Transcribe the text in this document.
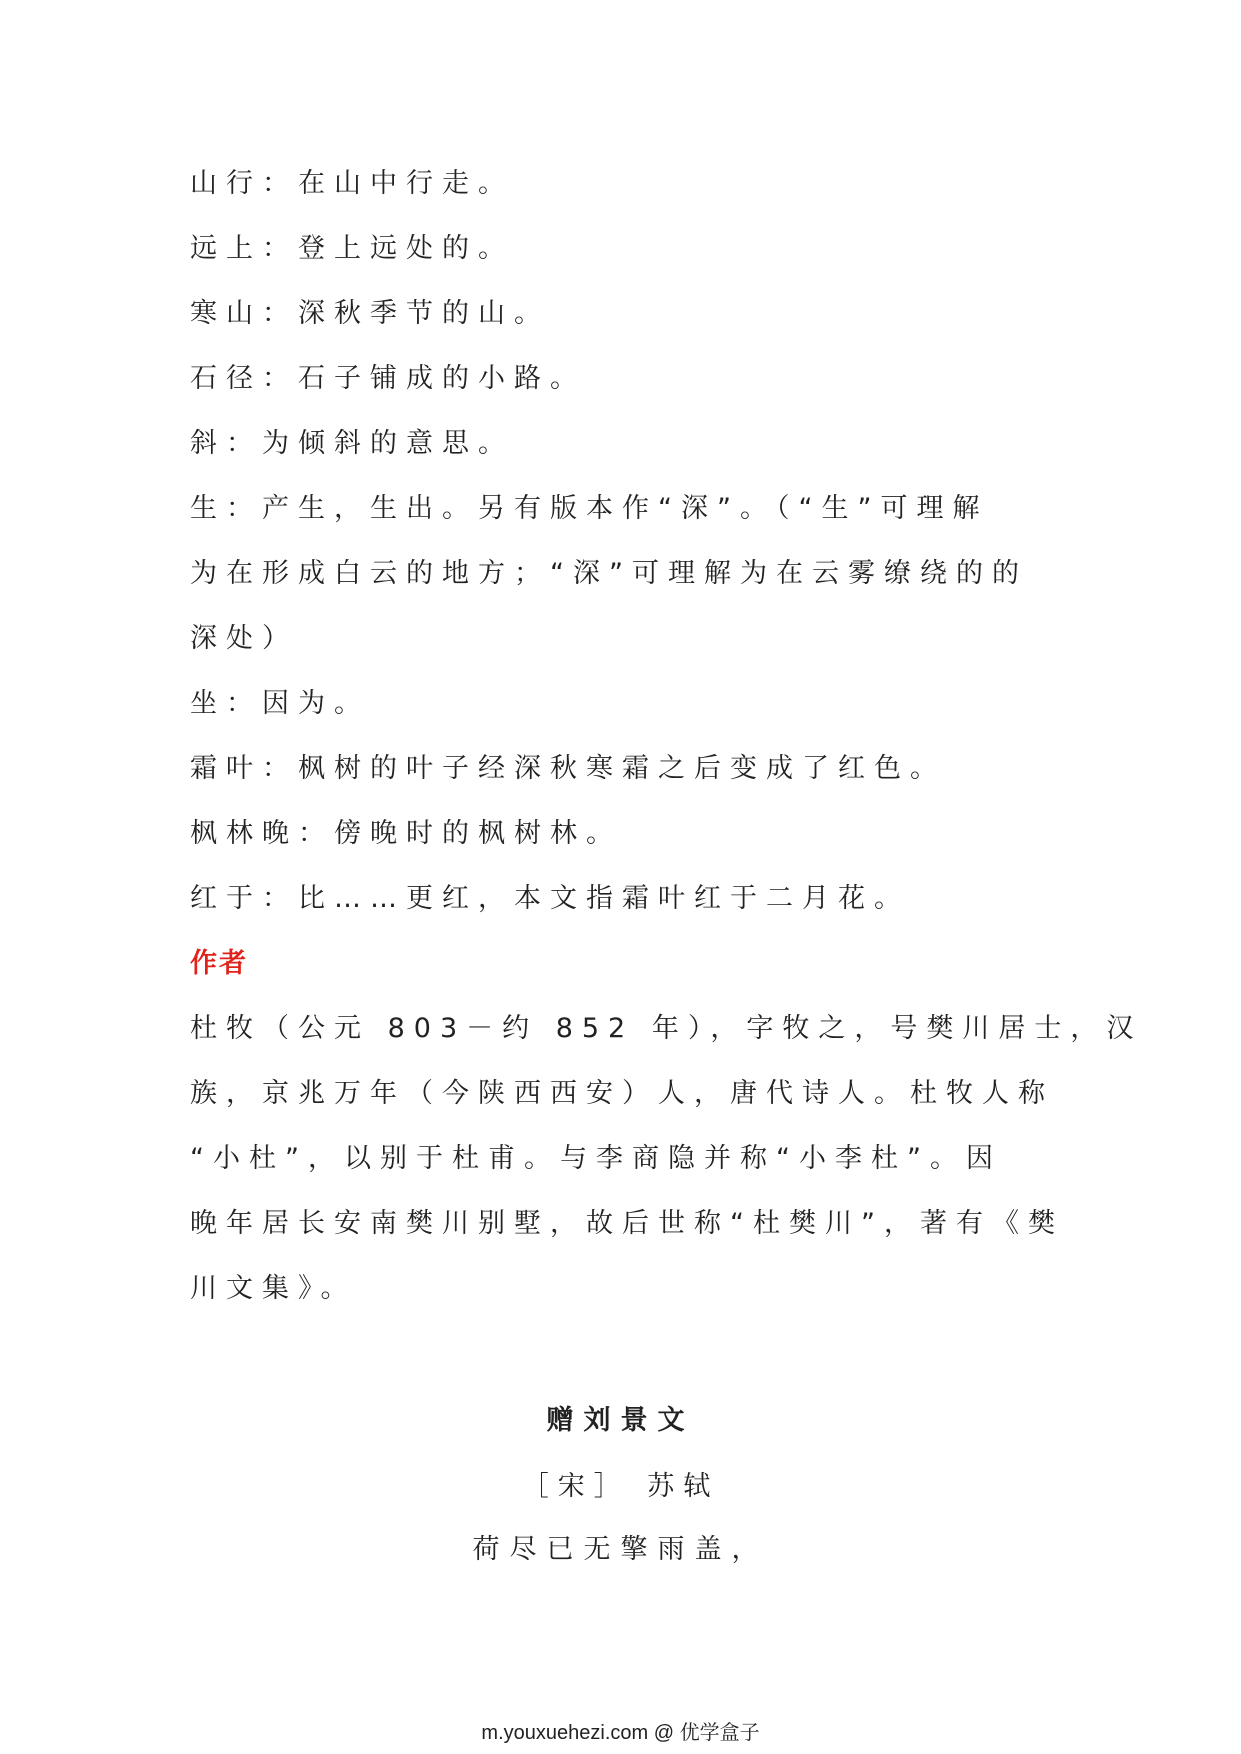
山行：在山中行走。
远上：登上远处的。
寒山：深秋季节的山。
石径：石子铺成的小路。
斜：为倾斜的意思。
生：产生，生出。另有版本作“深”。（“生”可理解
为在形成白云的地方；“深”可理解为在云雾缭绕的的
深处）
坐：因为。
霜叶：枫树的叶子经深秋寒霜之后变成了红色。
枫林晚：傍晚时的枫树林。
红于：比……更红，本文指霜叶红于二月花。
作者
杜牧（公元 803－约 852 年），字牧之，号樊川居士，汉
族，京兆万年（今陕西西安）人，唐代诗人。杜牧人称
“小杜”，以别于杜甫。与李商隐并称“小李杜”。因
晚年居长安南樊川别墅，故后世称“杜樊川”，著有《樊
川文集》。
赠刘景文
［宋］ 苏轼
荷尽已无擎雨盖，
m.youxuehezi.com @ 优学盒子
